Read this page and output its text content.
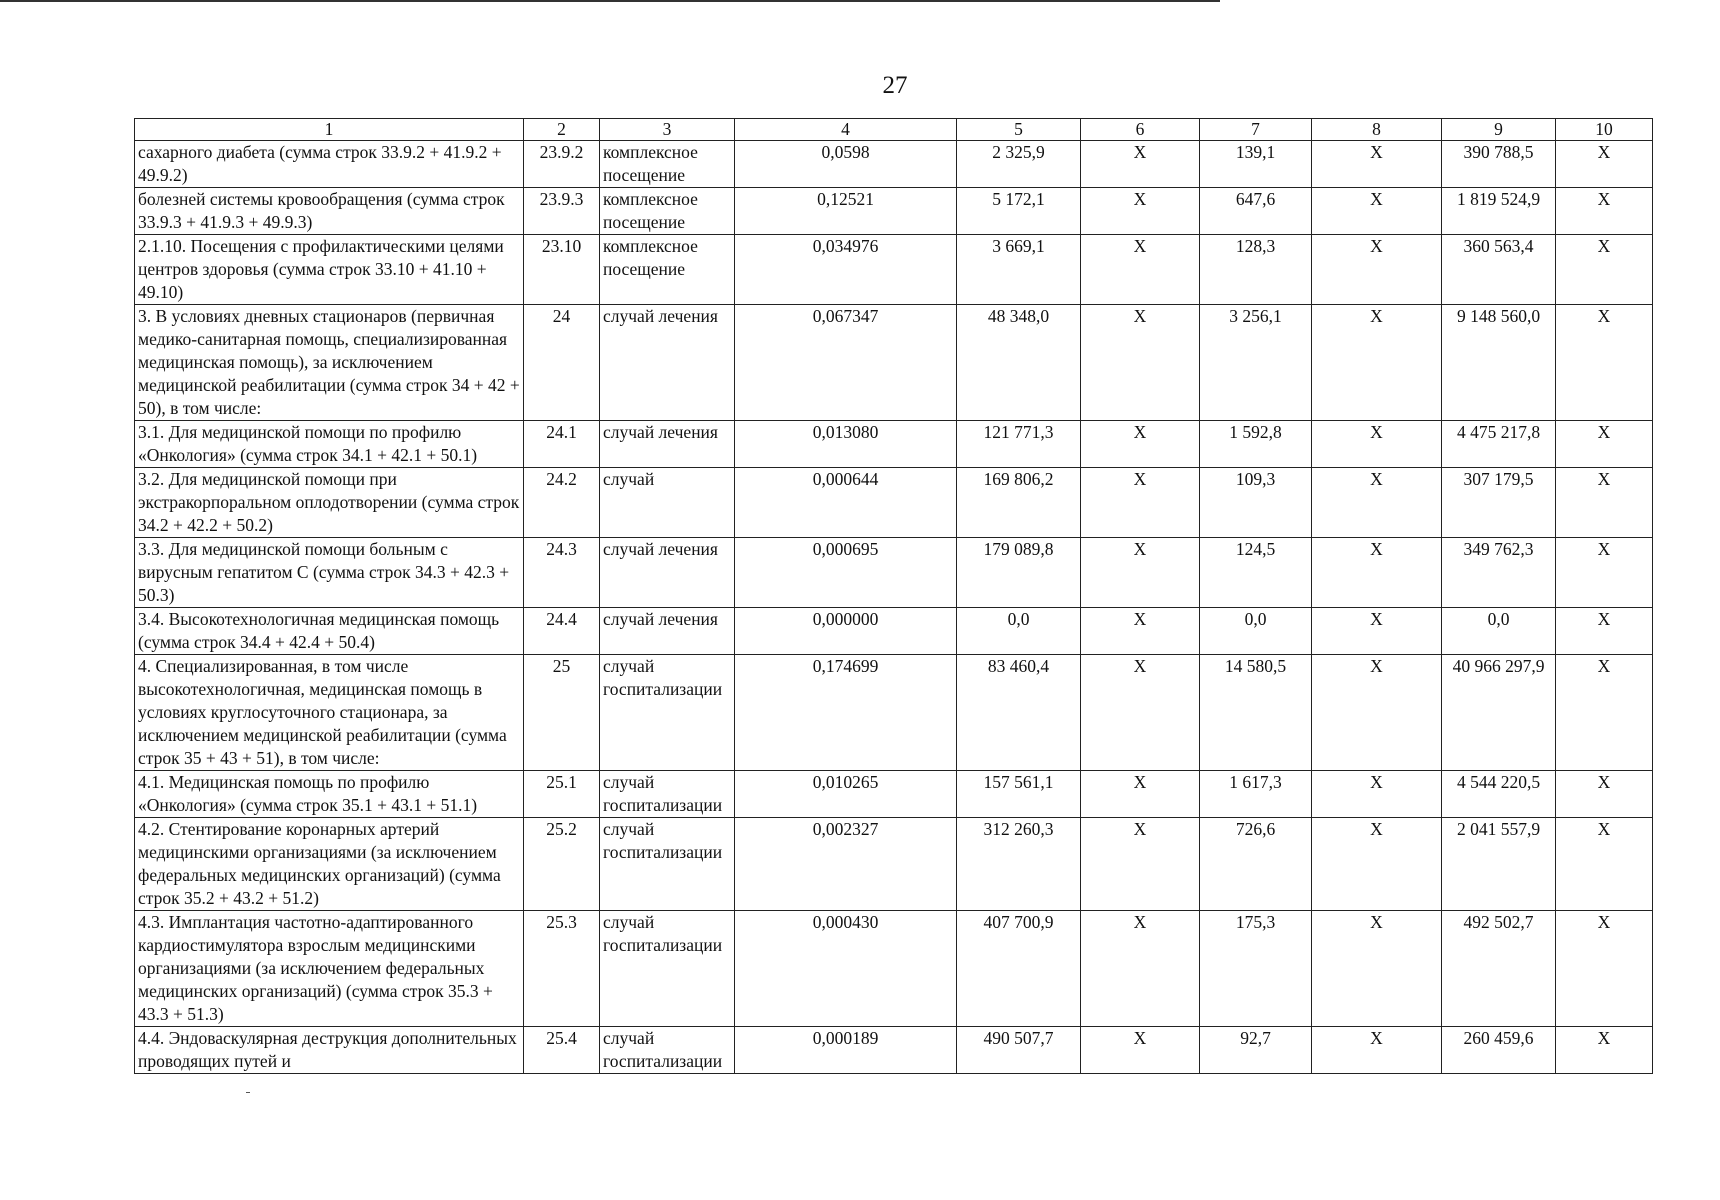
27
1	2	3	4	5	6	7	8	9	10
сахарного диабета (сумма строк 33.9.2 + 41.9.2 + 49.9.2)	23.9.2	комплексное посещение	0,0598	2 325,9	X	139,1	X	390 788,5	X
болезней системы кровообращения (сумма строк 33.9.3 + 41.9.3 + 49.9.3)	23.9.3	комплексное посещение	0,12521	5 172,1	X	647,6	X	1 819 524,9	X
2.1.10. Посещения с профилактическими целями центров здоровья (сумма строк 33.10 + 41.10 + 49.10)	23.10	комплексное посещение	0,034976	3 669,1	X	128,3	X	360 563,4	X
3. В условиях дневных стационаров (первичная медико-санитарная помощь, специализированная медицинская помощь), за исключением медицинской реабилитации (сумма строк 34 + 42 + 50), в том числе:	24	случай лечения	0,067347	48 348,0	X	3 256,1	X	9 148 560,0	X
3.1. Для медицинской помощи по профилю «Онкология» (сумма строк 34.1 + 42.1 + 50.1)	24.1	случай лечения	0,013080	121 771,3	X	1 592,8	X	4 475 217,8	X
3.2. Для медицинской помощи при экстракорпоральном оплодотворении (сумма строк 34.2 + 42.2 + 50.2)	24.2	случай	0,000644	169 806,2	X	109,3	X	307 179,5	X
3.3. Для медицинской помощи больным с вирусным гепатитом С (сумма строк 34.3 + 42.3 + 50.3)	24.3	случай лечения	0,000695	179 089,8	X	124,5	X	349 762,3	X
3.4. Высокотехнологичная медицинская помощь (сумма строк 34.4 + 42.4 + 50.4)	24.4	случай лечения	0,000000	0,0	X	0,0	X	0,0	X
4. Специализированная, в том числе высокотехнологичная, медицинская помощь в условиях круглосуточного стационара, за исключением медицинской реабилитации (сумма строк 35 + 43 + 51), в том числе:	25	случай госпитализации	0,174699	83 460,4	X	14 580,5	X	40 966 297,9	X
4.1. Медицинская помощь по профилю «Онкология» (сумма строк 35.1 + 43.1 + 51.1)	25.1	случай госпитализации	0,010265	157 561,1	X	1 617,3	X	4 544 220,5	X
4.2. Стентирование коронарных артерий медицинскими организациями (за исключением федеральных медицинских организаций) (сумма строк 35.2 + 43.2 + 51.2)	25.2	случай госпитализации	0,002327	312 260,3	X	726,6	X	2 041 557,9	X
4.3. Имплантация частотно-адаптированного кардиостимулятора взрослым медицинскими организациями (за исключением федеральных медицинских организаций) (сумма строк 35.3 + 43.3 + 51.3)	25.3	случай госпитализации	0,000430	407 700,9	X	175,3	X	492 502,7	X
4.4. Эндоваскулярная деструкция дополнительных проводящих путей и	25.4	случай госпитализации	0,000189	490 507,7	X	92,7	X	260 459,6	X
